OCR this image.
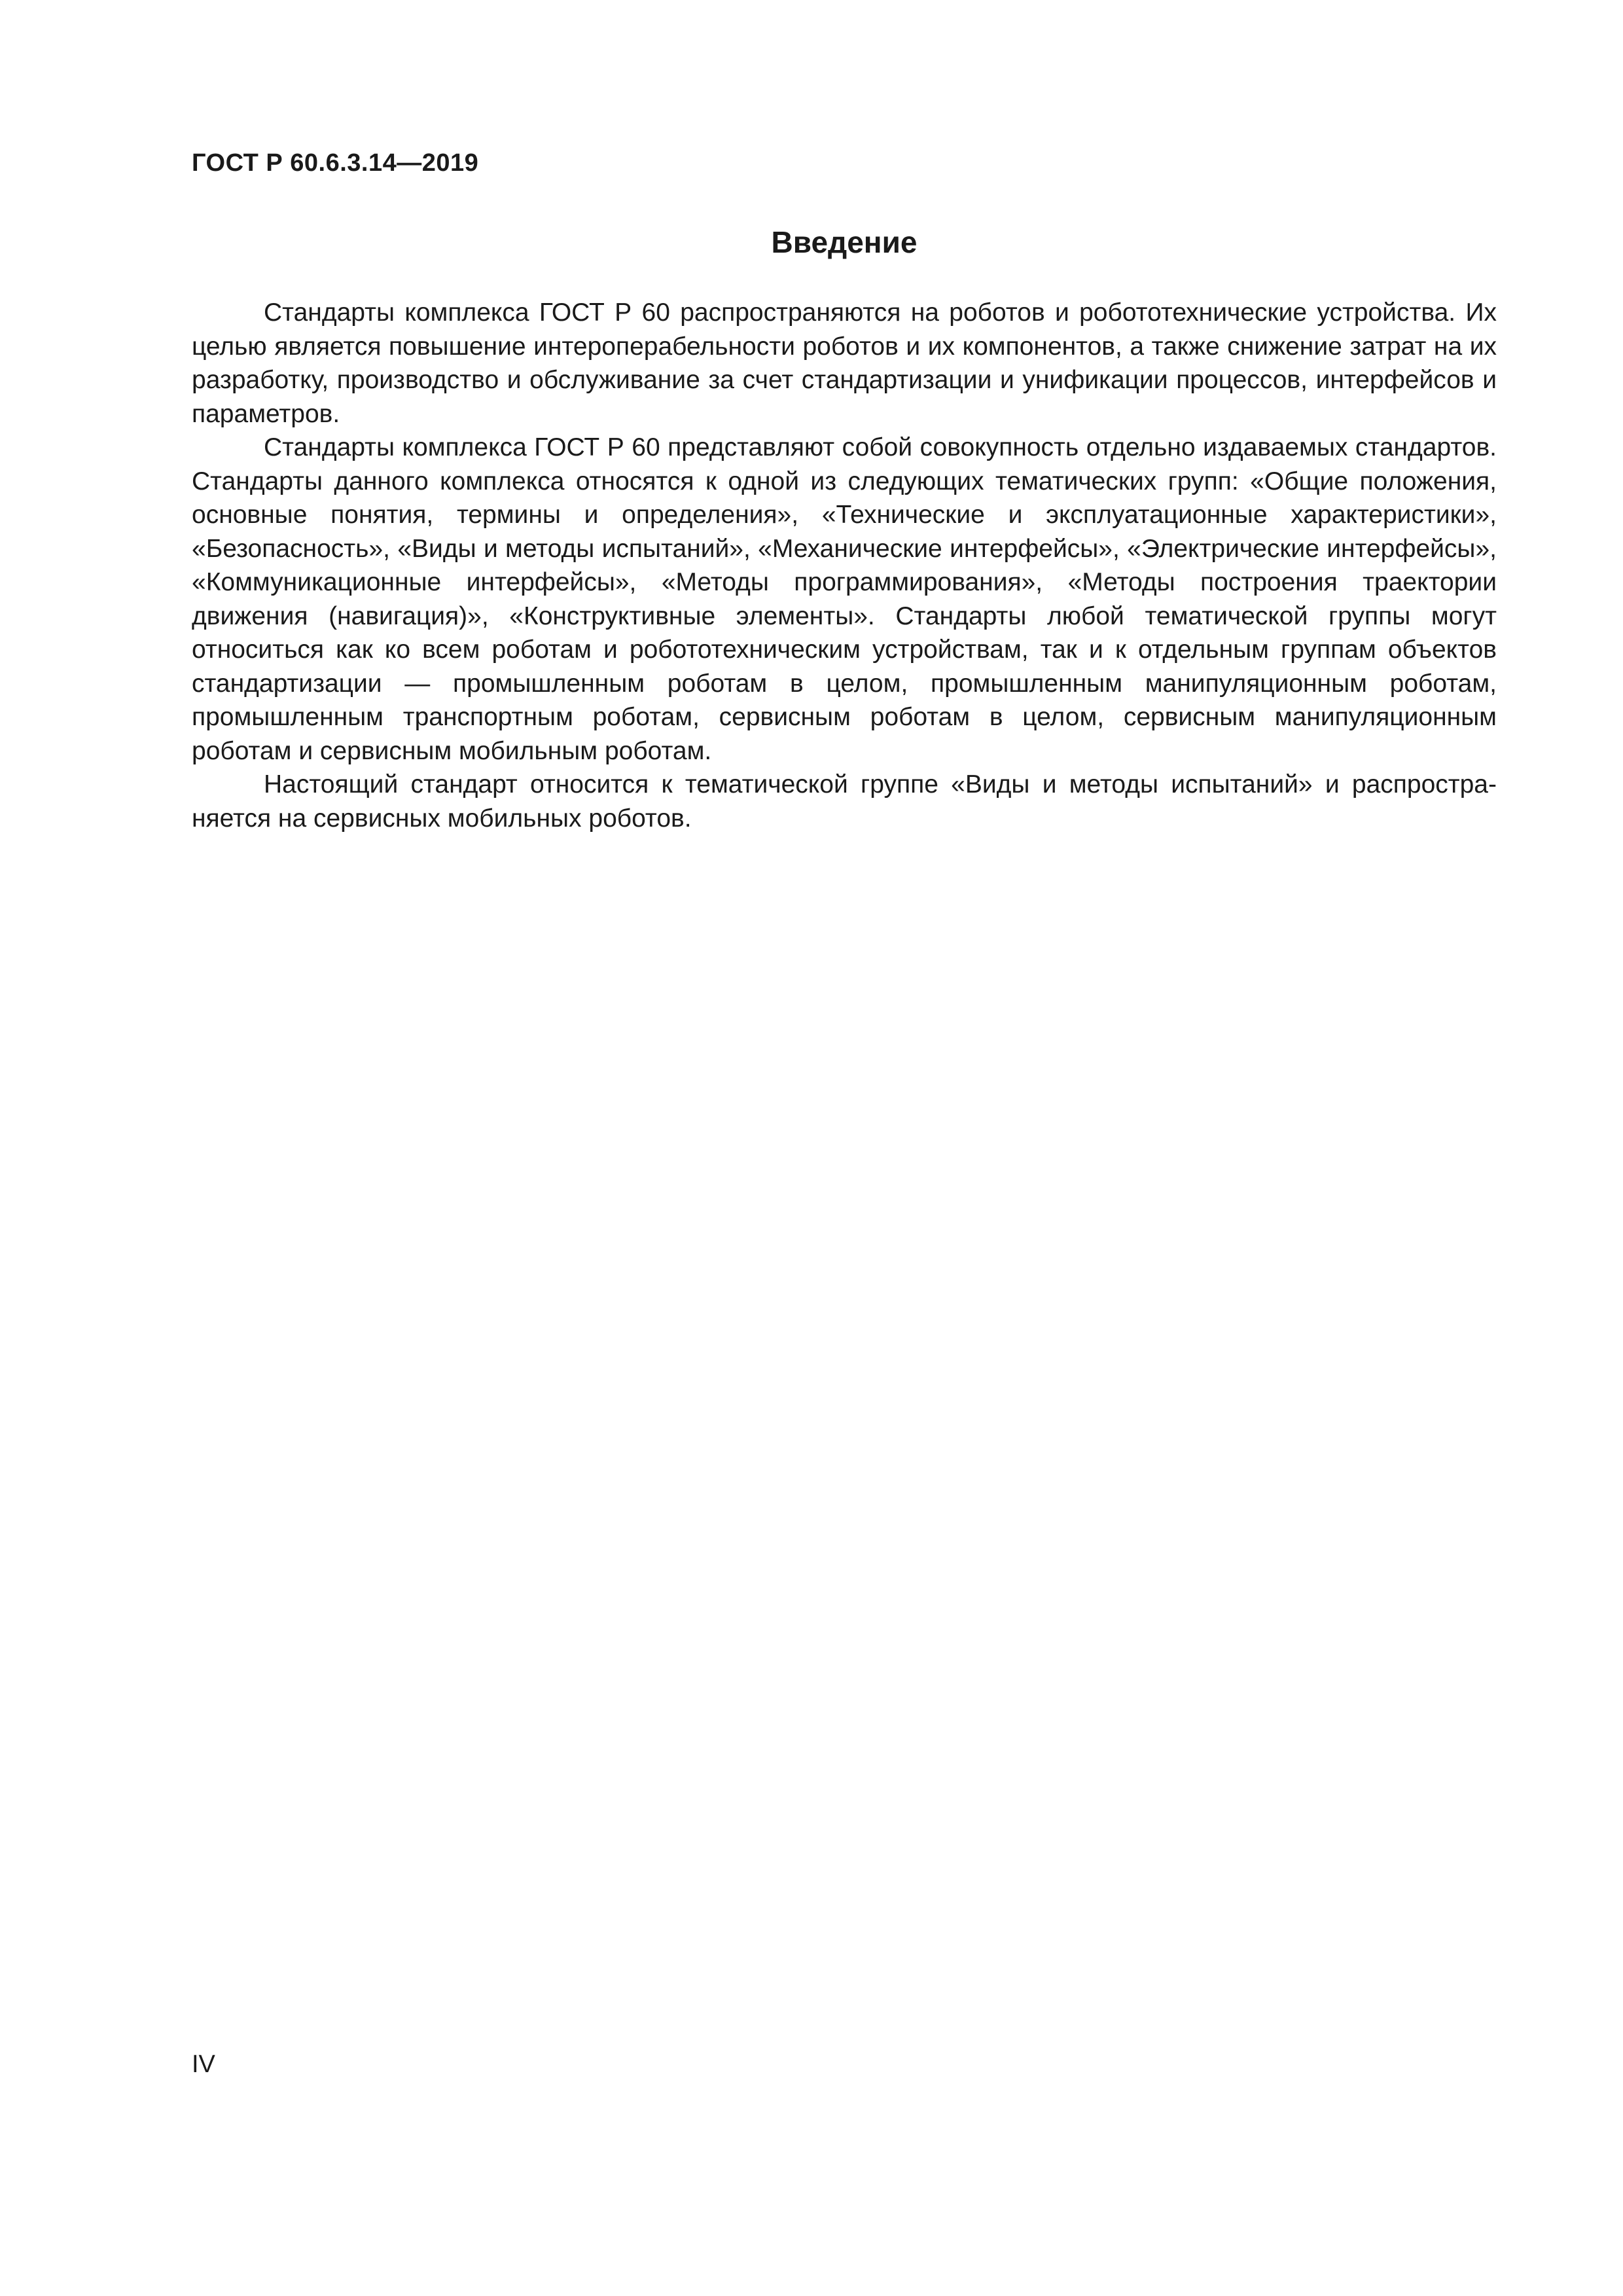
ГОСТ Р 60.6.3.14—2019
Введение

Стандарты комплекса ГОСТ Р 60 распространяются на роботов и робототехнические устройства. Их целью является повышение интероперабельности роботов и их компонентов, а также снижение затрат на их разработку, производство и обслуживание за счет стандартизации и унификации процессов, интерфейсов и параметров.

Стандарты комплекса ГОСТ Р 60 представляют собой совокупность отдельно издаваемых стандартов. Стандарты данного комплекса относятся к одной из следующих тематических групп: «Общие положения, основные понятия, термины и определения», «Технические и эксплуатационные характеристики», «Безопасность», «Виды и методы испытаний», «Механические интерфейсы», «Электрические интерфейсы», «Коммуникационные интерфейсы», «Методы программирования», «Методы построения траектории движения (навигация)», «Конструктивные элементы». Стандарты любой тематической группы могут относиться как ко всем роботам и робототехническим устройствам, так и к отдельным группам объектов стандартизации — промышленным роботам в целом, промышленным манипуляционным роботам, промышленным транспортным роботам, сервисным роботам в целом, сервисным манипуляционным роботам и сервисным мобильным роботам.

Настоящий стандарт относится к тематической группе «Виды и методы испытаний» и распространяется на сервисных мобильных роботов.

IV
